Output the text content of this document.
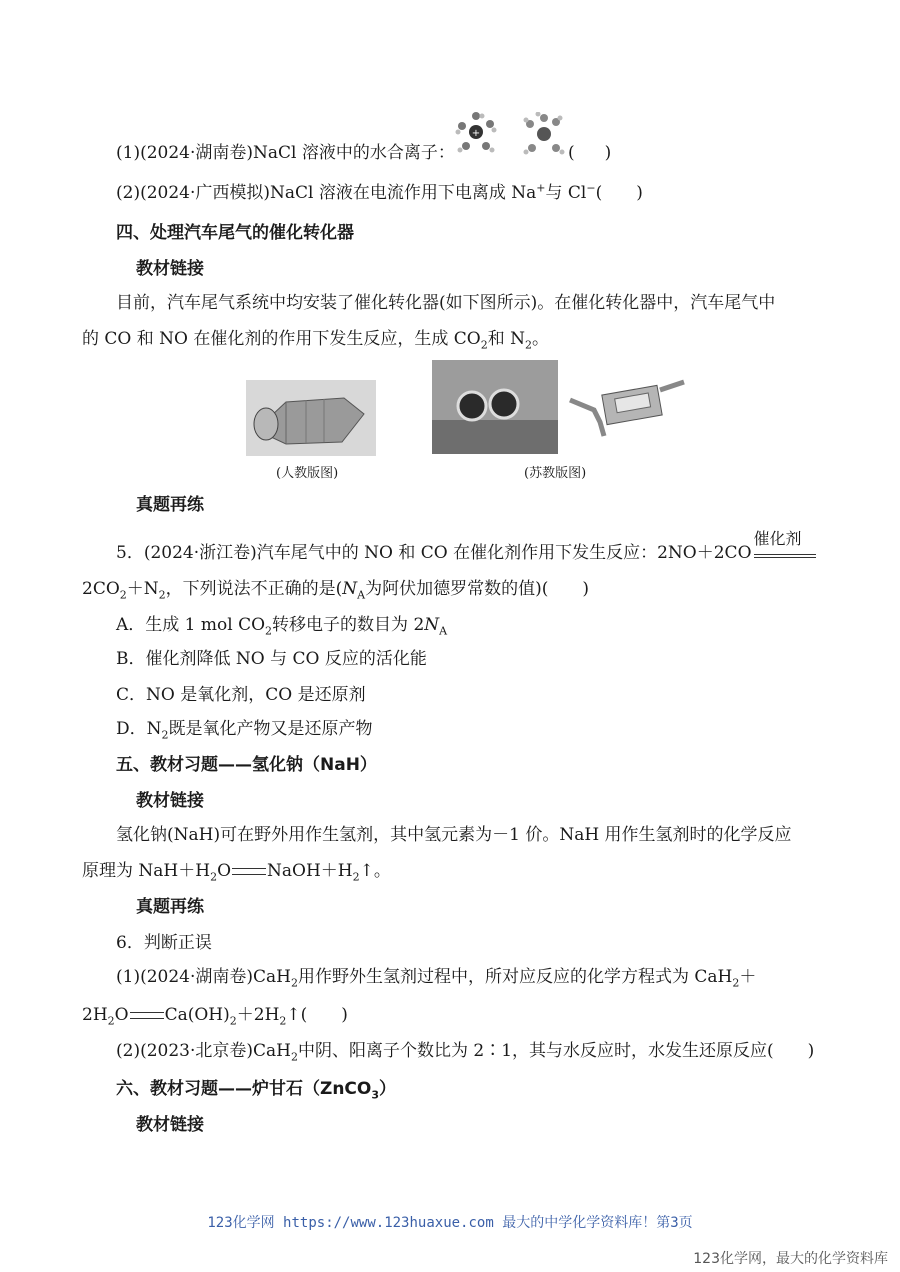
(1)(2024·湖南卷)NaCl 溶液中的水合离子：
+
( )
(2)(2024·广西模拟)NaCl 溶液在电流作用下电离成 Na+与 Cl−(　　)
四、处理汽车尾气的催化转化器
教材链接
目前，汽车尾气系统中均安装了催化转化器(如下图所示)。在催化转化器中，汽车尾气中
的 CO 和 NO 在催化剂的作用下发生反应，生成 $CO_2$和 $N_2$。
(人教版图)	(苏教版图)
真题再练
5．(2024·浙江卷)汽车尾气中的 NO 和 CO 在催化剂作用下发生反应：2NO＋2CO
催化剂
$2CO_2+N_2$，下列说法不正确的是($N_A$为阿伏加德罗常数的值)(　　)
A．生成 1 mol $CO_2$转移电子的数目为 $2N_A$
B．催化剂降低 NO 与 CO 反应的活化能
C．NO 是氧化剂，CO 是还原剂
D．$N_2$既是氧化产物又是还原产物
五、教材习题——氢化钠（NaH）
教材链接
氢化钠(NaH)可在野外用作生氢剂，其中氢元素为－1 价。NaH 用作生氢剂时的化学反应
原理为 $NaH+H_2O$ $NaOH+H_2↑$。
真题再练
6．判断正误
(1)(2024·湖南卷)CaH$_2$用作野外生氢剂过程中，所对应反应的化学方程式为 CaH$_2$＋
$2H_2O$ $Ca(OH)_2+2H_2↑$(　　)
(2)(2023·北京卷)CaH$_2$中阴、阳离子个数比为 2∶1，其与水反应时，水发生还原反应(　　)
六、教材习题——炉甘石（ZnCO$_3$）
教材链接
123化学网 https://www.123huaxue.com 最大的中学化学资料库！第3页
123化学网，最大的化学资料库
